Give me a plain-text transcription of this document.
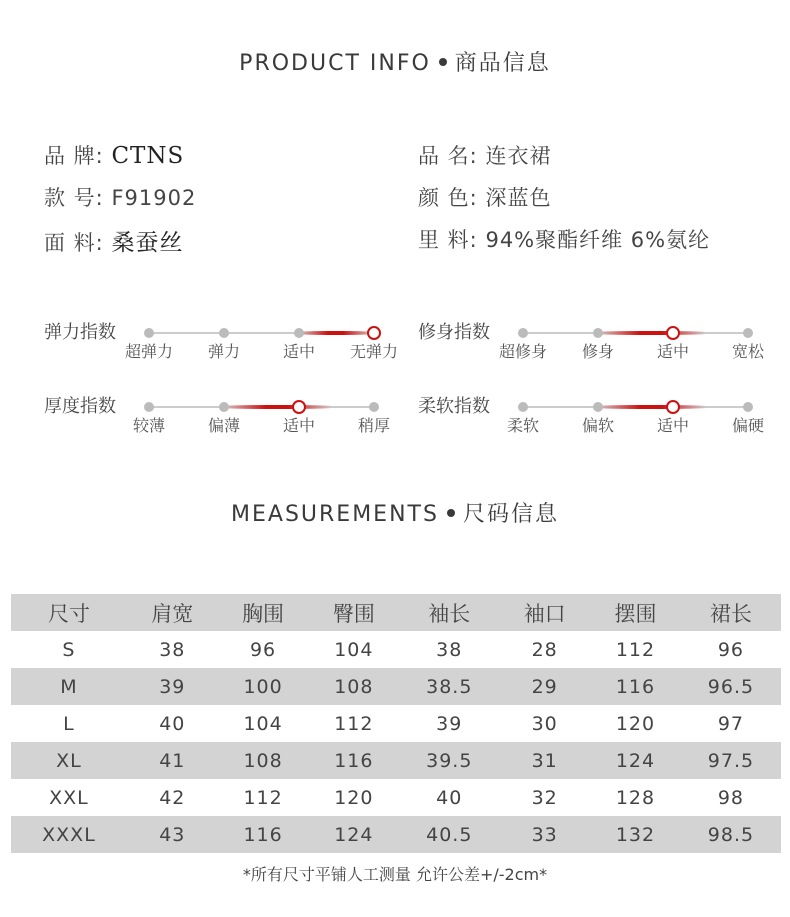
PRODUCT INFO 商品信息
品 牌: CTNS	品 名: 连衣裙
款 号: F91902	颜 色: 深蓝色
面 料: 桑蚕丝	里 料: 94%聚酯纤维 6%氨纶
弹力指数
超弹力 弹力	适中 无弹力
修身指数
超修身 修身	适中	宽松
厚度指数
较薄	偏薄	适中	稍厚
柔软指数
柔软	偏软	适中	偏硬
MEASUREMENTS 尺码信息
尺寸	肩宽	胸围	臀围	袖长	袖口	摆围	裙长
S	38	96	104	38	28	112	96
M	39	100	108	38.5	29	116	96.5
L	40	104	112	39	30	120	97
XL	41	108	116	39.5	31	124	97.5
XXL	42	112	120	40	32	128	98
XXXL	43	116	124	40.5	33	132	98.5
*所有尺寸平铺人工测量 允许公差+/-2cm*
